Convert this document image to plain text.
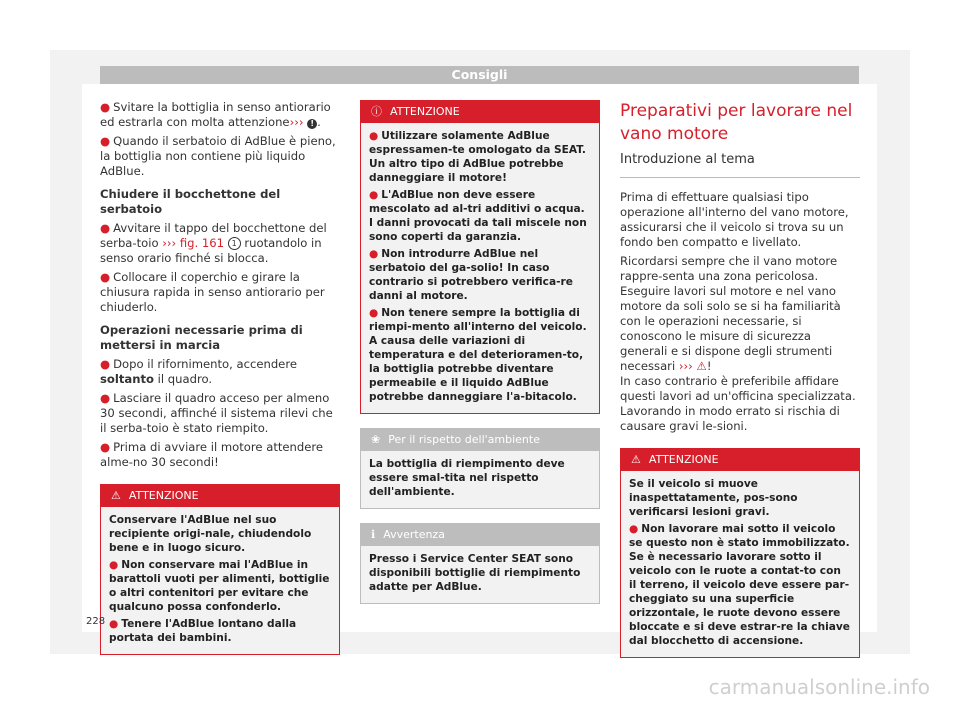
Consigli

● Svitare la bottiglia in senso antiorario ed estrarla con molta attenzione››› ! .

● Quando il serbatoio di AdBlue è pieno, la bottiglia non contiene più liquido AdBlue.

Chiudere il bocchettone del serbatoio

● Avvitare il tappo del bocchettone del serba-toio ››› fig. 161 1 ruotandolo in senso orario finché si blocca.

● Collocare il coperchio e girare la chiusura rapida in senso antiorario per chiuderlo.

Operazioni necessarie prima di mettersi in marcia

● Dopo il rifornimento, accendere soltanto il quadro.

● Lasciare il quadro acceso per almeno 30 secondi, affinché il sistema rilevi che il serba-toio è stato riempito.

● Prima di avviare il motore attendere alme-no 30 secondi!

⚠ ATTENZIONE

Conservare l'AdBlue nel suo recipiente origi-nale, chiudendolo bene e in luogo sicuro.

● Non conservare mai l'AdBlue in barattoli vuoti per alimenti, bottiglie o altri contenitori per evitare che qualcuno possa confonderlo.

● Tenere l'AdBlue lontano dalla portata dei bambini.

ⓘ ATTENZIONE

● Utilizzare solamente AdBlue espressamen-te omologato da SEAT. Un altro tipo di AdBlue potrebbe danneggiare il motore!

● L'AdBlue non deve essere mescolato ad al-tri additivi o acqua. I danni provocati da tali miscele non sono coperti da garanzia.

● Non introdurre AdBlue nel serbatoio del ga-solio! In caso contrario si potrebbero verifica-re danni al motore.

● Non tenere sempre la bottiglia di riempi-mento all'interno del veicolo. A causa delle variazioni di temperatura e del deterioramen-to, la bottiglia potrebbe diventare permeabile e il liquido AdBlue potrebbe danneggiare l'a-bitacolo.

❀ Per il rispetto dell'ambiente

La bottiglia di riempimento deve essere smal-tita nel rispetto dell'ambiente.

ℹ Avvertenza

Presso i Service Center SEAT sono disponibili bottiglie di riempimento adatte per AdBlue.

Preparativi per lavorare nel vano motore
Introduzione al tema

Prima di effettuare qualsiasi tipo operazione all'interno del vano motore, assicurarsi che il veicolo si trova su un fondo ben compatto e livellato.

Ricordarsi sempre che il vano motore rappre-senta una zona pericolosa. Eseguire lavori sul motore e nel vano motore da soli solo se si ha familiarità con le operazioni necessarie, si conoscono le misure di sicurezza generali e si dispone degli strumenti necessari ››› ⚠!
In caso contrario è preferibile affidare questi lavori ad un'officina specializzata. Lavorando in modo errato si rischia di causare gravi le-sioni.

⚠ ATTENZIONE

Se il veicolo si muove inaspettatamente, pos-sono verificarsi lesioni gravi.

● Non lavorare mai sotto il veicolo se questo non è stato immobilizzato. Se è necessario lavorare sotto il veicolo con le ruote a contat-to con il terreno, il veicolo deve essere par-cheggiato su una superficie orizzontale, le ruote devono essere bloccate e si deve estrar-re la chiave dal blocchetto di accensione.

228
carmanualsonline.info
